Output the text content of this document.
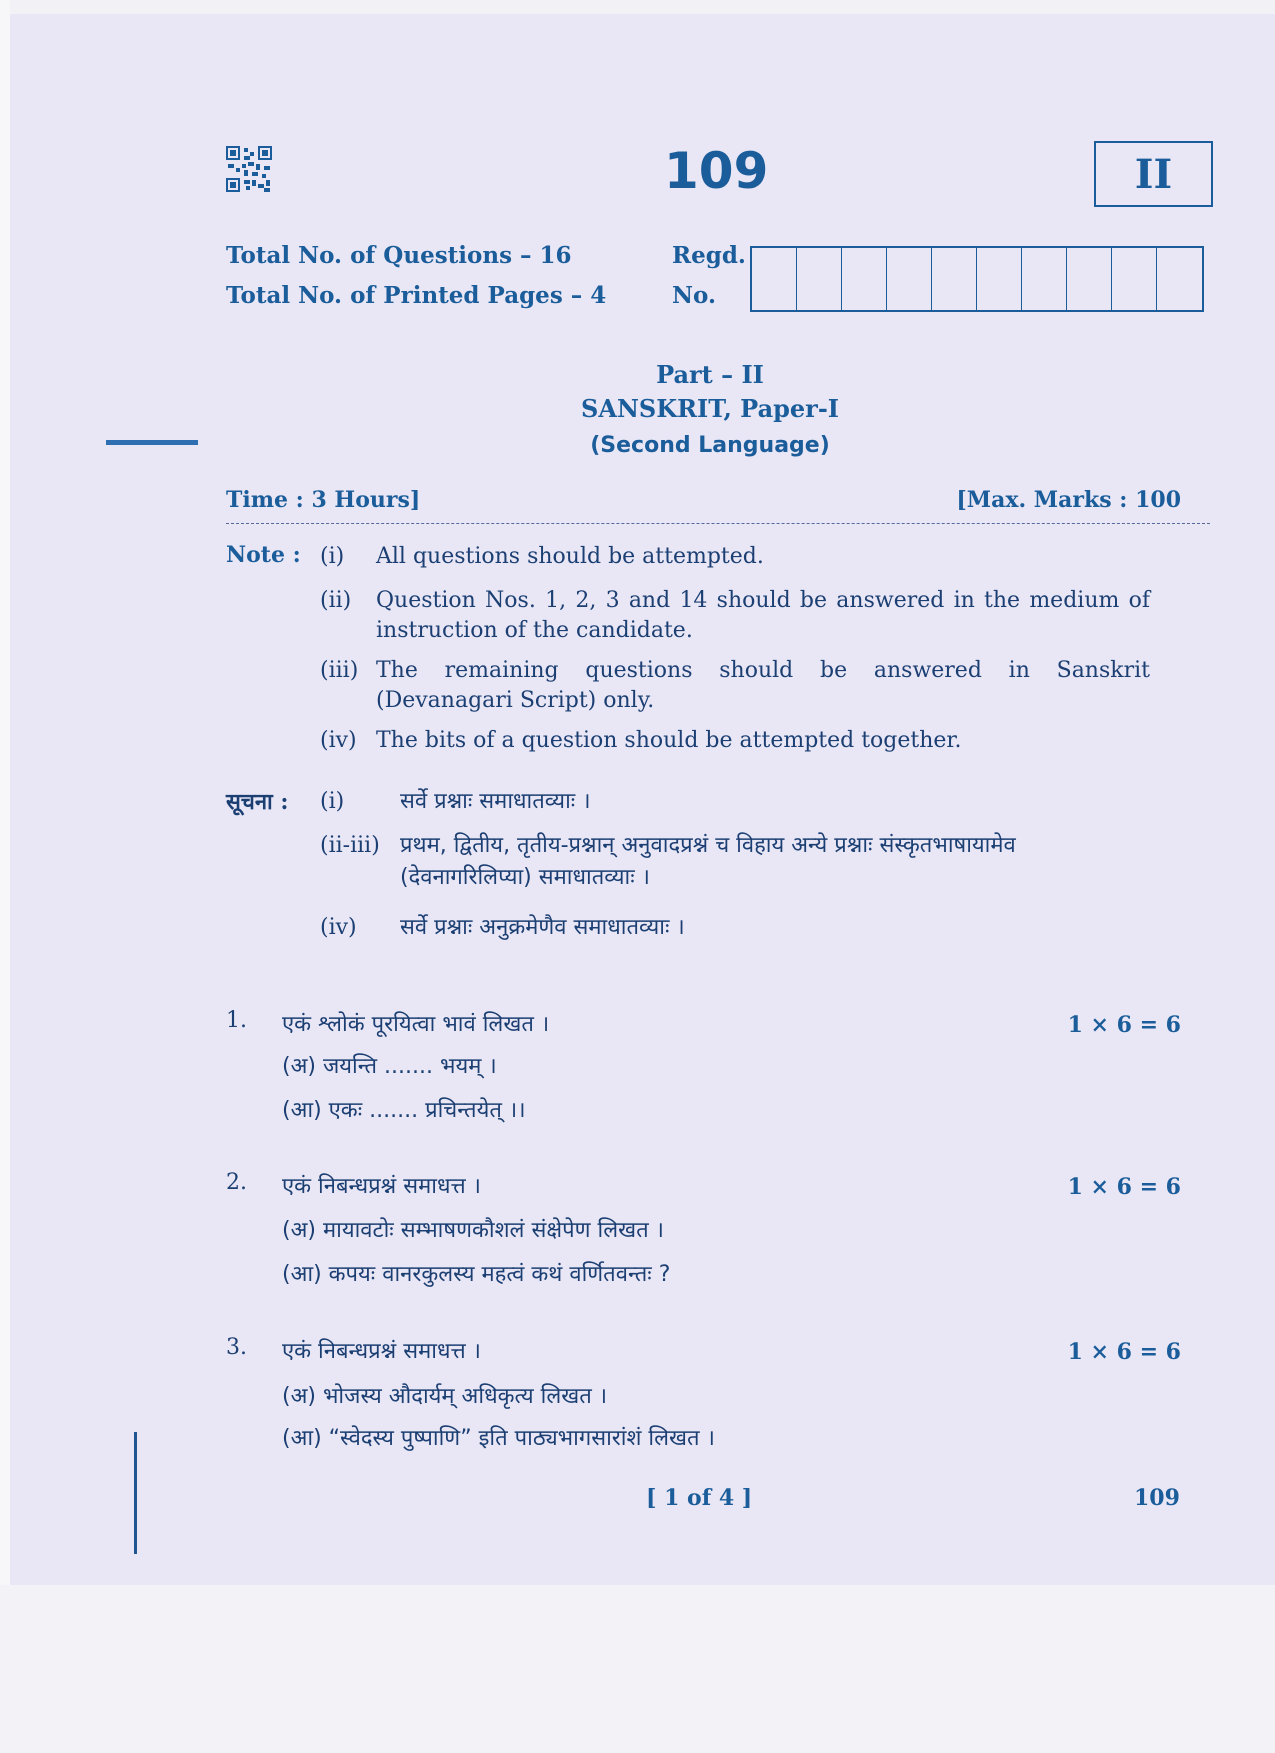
109	II
Total No. of Questions – 16
Total No. of Printed Pages – 4
Regd.
No.
Part – II
SANSKRIT, Paper-I
(Second Language)
Time : 3 Hours]	[Max. Marks : 100
Note : (i)	All questions should be attempted.
(ii)	Question Nos. 1, 2, 3 and 14 should be answered in the medium of instruction of the candidate.
(iii) The remaining questions should be answered in Sanskrit (Devanagari Script) only.
(iv) The bits of a question should be attempted together.
सूचना : (i)	सर्वे प्रश्नाः समाधातव्याः ।
(ii-iii) प्रथम, द्वितीय, तृतीय-प्रश्नान् अनुवादप्रश्नं च विहाय अन्ये प्रश्नाः संस्कृतभाषायामेव (देवनागरिलिप्या) समाधातव्याः ।
(iv)	सर्वे प्रश्नाः अनुक्रमेणैव समाधातव्याः ।
1. एकं श्लोकं पूरयित्वा भावं लिखत ।	1 × 6 = 6
(अ) जयन्ति ....... भयम् ।
(आ) एकः ....... प्रचिन्तयेत् ।।
2. एकं निबन्धप्रश्नं समाधत्त ।	1 × 6 = 6
(अ) मायावटोः सम्भाषणकौशलं संक्षेपेण लिखत ।
(आ) कपयः वानरकुलस्य महत्वं कथं वर्णितवन्तः ?
3. एकं निबन्धप्रश्नं समाधत्त ।	1 × 6 = 6
(अ) भोजस्य औदार्यम् अधिकृत्य लिखत ।
(आ) “स्वेदस्य पुष्पाणि” इति पाठ्यभागसारांशं लिखत ।
[ 1 of 4 ]	109
